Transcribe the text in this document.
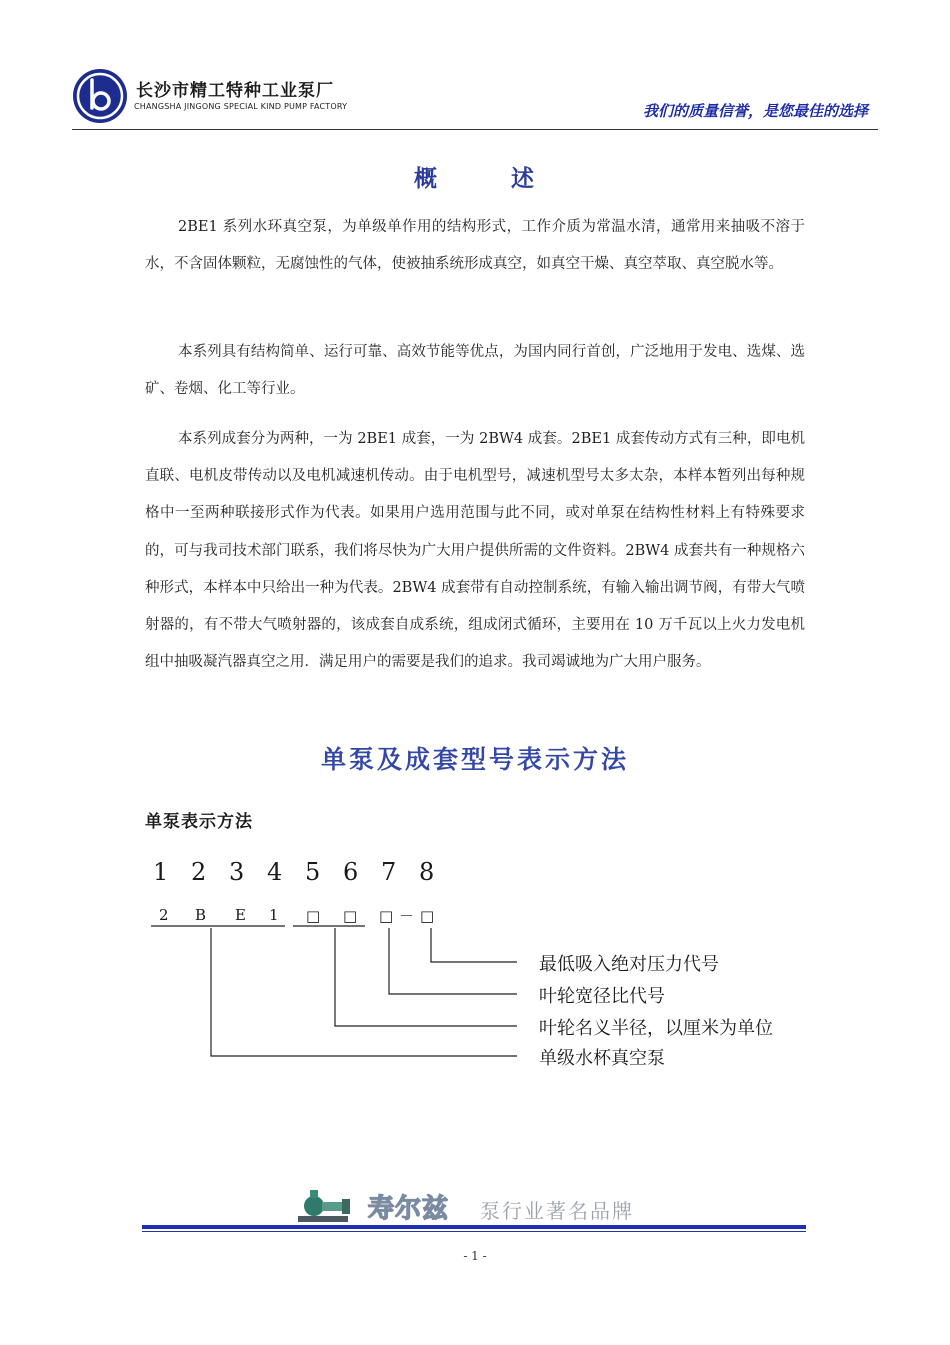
长沙市精工特种工业泵厂
CHANGSHA JINGONG SPECIAL KIND PUMP FACTORY	我们的质量信誉，是您最佳的选择
概	述
2BE1 系列水环真空泵，为单级单作用的结构形式，工作介质为常温水清，通常用来抽吸不溶于水，不含固体颗粒，无腐蚀性的气体，使被抽系统形成真空，如真空干燥、真空萃取、真空脱水等。
本系列具有结构简单、运行可靠、高效节能等优点，为国内同行首创，广泛地用于发电、选煤、选矿、卷烟、化工等行业。
本系列成套分为两种，一为 2BE1 成套，一为 2BW4 成套。2BE1 成套传动方式有三种，即电机直联、电机皮带传动以及电机减速机传动。由于电机型号，减速机型号太多太杂，本样本暂列出每种规格中一至两种联接形式作为代表。如果用户选用范围与此不同，或对单泵在结构性材料上有特殊要求的，可与我司技术部门联系，我们将尽快为广大用户提供所需的文件资料。2BW4 成套共有一种规格六种形式，本样本中只给出一种为代表。2BW4 成套带有自动控制系统，有输入输出调节阀，有带大气喷射器的，有不带大气喷射器的，该成套自成系统，组成闭式循环，主要用在 10 万千瓦以上火力发电机组中抽吸凝汽器真空之用．满足用户的需要是我们的追求。我司竭诚地为广大用户服务。
单泵及成套型号表示方法
单泵表示方法
1 2 3 4 5 6 7 8
2 B E 1 □ □ □ － □
最低吸入绝对压力代号
叶轮宽径比代号
叶轮名义半径，以厘米为单位
单级水杯真空泵
寿尔兹 泵行业著名品牌
- 1 -
